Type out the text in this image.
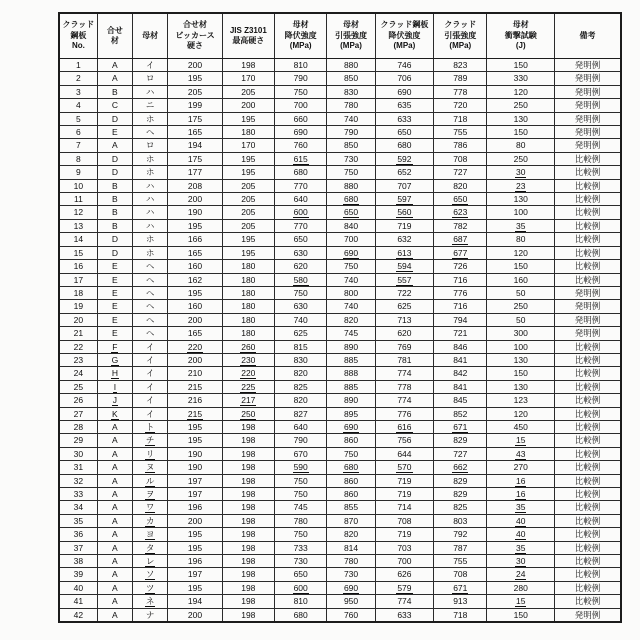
クラッド
鋼板
No.

合せ
材

母材

合せ材
ビッカース
硬さ

JIS Z3101
最高硬さ

母材
降伏強度
(MPa)

母材
引張強度
(MPa)

クラッド鋼板
降伏強度
(MPa)

クラッド
引張強度
(MPa)

母材
衝撃試験
(J)

備考

1	A	イ	200	198	810	880	746	823	150	発明例
2	A	ロ	195	170	790	850	706	789	330	発明例
3	B	ハ	205	205	750	830	690	778	120	発明例
4	C	ニ	199	200	700	780	635	720	250	発明例
5	D	ホ	175	195	660	740	633	718	130	発明例
6	E	ヘ	165	180	690	790	650	755	150	発明例
7	A	ロ	194	170	760	850	680	786	80	発明例
8	D	ホ	175	195	615	730	592	708	250	比較例
9	D	ホ	177	195	680	750	652	727	30	比較例
10	B	ハ	208	205	770	880	707	820	23	比較例
11	B	ハ	200	205	640	680	597	650	130	比較例
12	B	ハ	190	205	600	650	560	623	100	比較例
13	B	ハ	195	205	770	840	719	782	35	比較例
14	D	ホ	166	195	650	700	632	687	80	比較例
15	D	ホ	165	195	630	690	613	677	120	比較例
16	E	ヘ	160	180	620	750	594	726	150	比較例
17	E	ヘ	162	180	580	740	557	716	160	比較例
18	E	ヘ	195	180	750	800	722	776	50	発明例
19	E	ヘ	160	180	630	740	625	716	250	発明例
20	E	ヘ	200	180	740	820	713	794	50	発明例
21	E	ヘ	165	180	625	745	620	721	300	発明例
22	F	イ	220	260	815	890	769	846	100	比較例
23	G	イ	200	230	830	885	781	841	130	比較例
24	H	イ	210	220	820	888	774	842	150	比較例
25	I	イ	215	225	825	885	778	841	130	比較例
26	J	イ	216	217	820	890	774	845	123	比較例
27	K	イ	215	250	827	895	776	852	120	比較例
28	A	ト	195	198	640	690	616	671	450	比較例
29	A	チ	195	198	790	860	756	829	15	比較例
30	A	リ	190	198	670	750	644	727	43	比較例
31	A	ヌ	190	198	590	680	570	662	270	比較例
32	A	ル	197	198	750	860	719	829	16	比較例
33	A	ヲ	197	198	750	860	719	829	16	比較例
34	A	ワ	196	198	745	855	714	825	35	比較例
35	A	カ	200	198	780	870	708	803	40	比較例
36	A	ヨ	195	198	750	820	719	792	40	比較例
37	A	タ	195	198	733	814	703	787	35	比較例
38	A	レ	196	198	730	780	700	755	30	比較例
39	A	ソ	197	198	650	730	626	708	24	比較例
40	A	ツ	195	198	600	690	579	671	280	比較例
41	A	ネ	194	198	810	950	774	913	15	比較例
42	A	ナ	200	198	680	760	633	718	150	発明例
